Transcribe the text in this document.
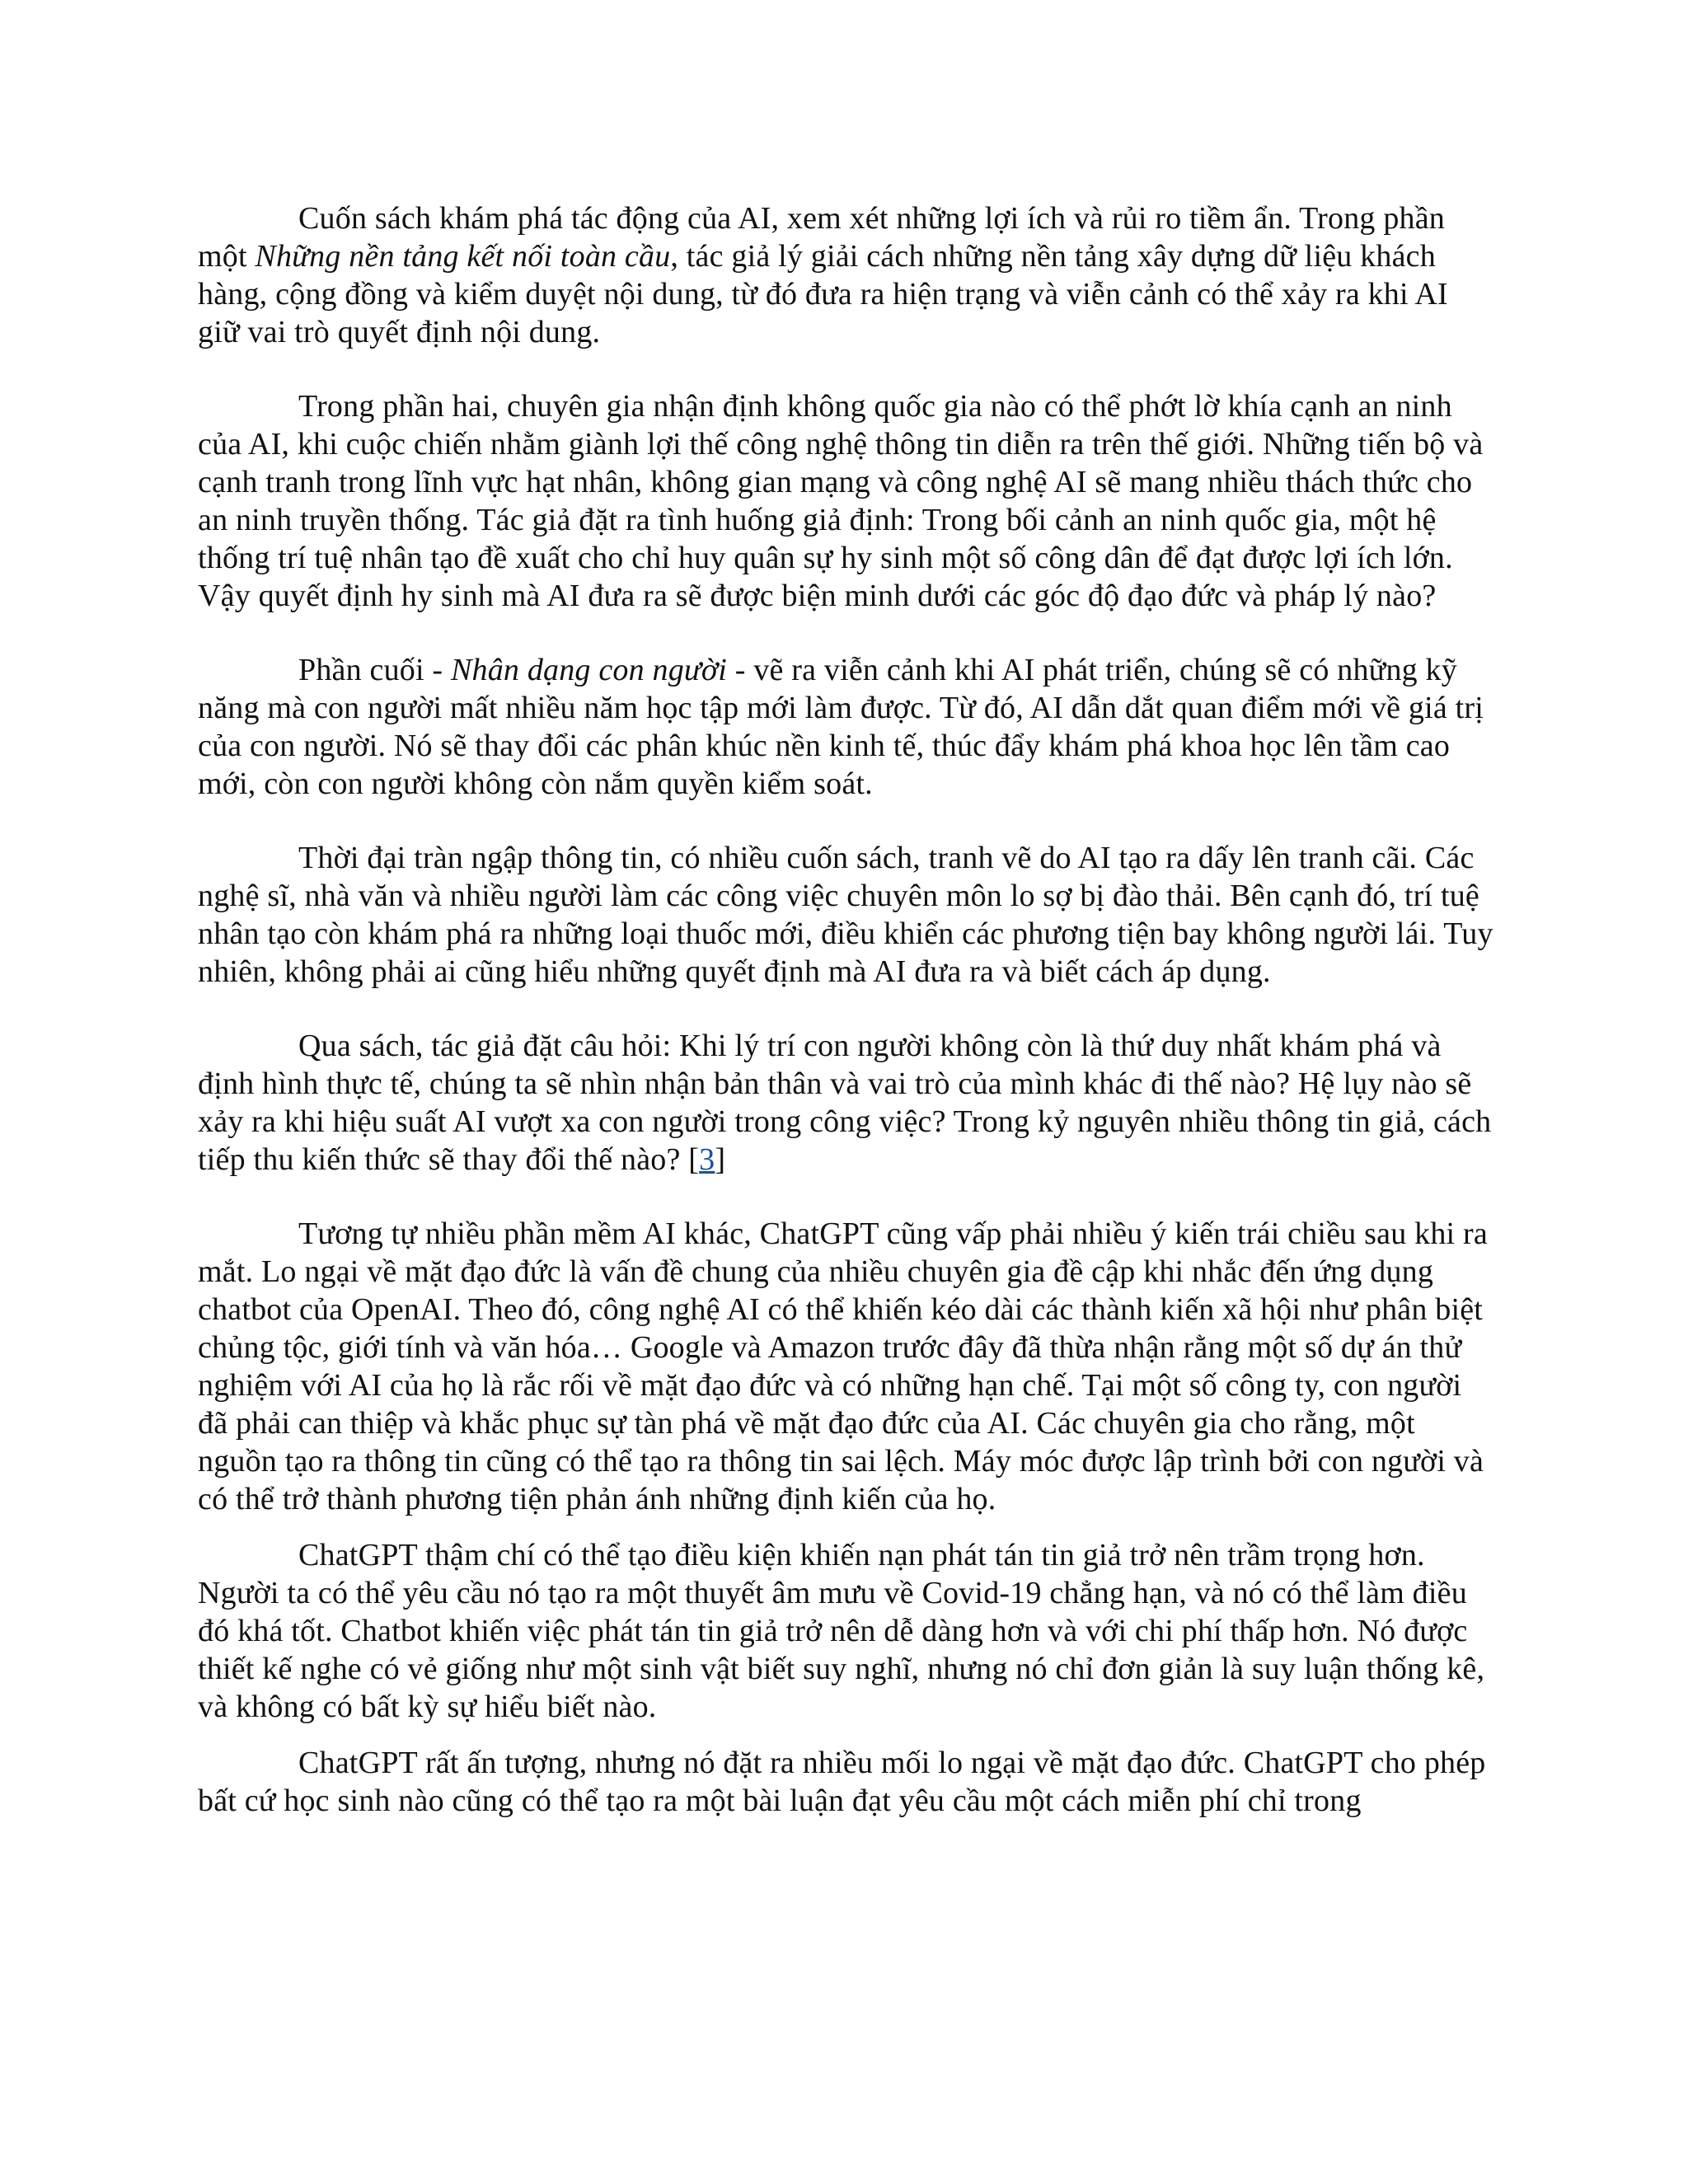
Cuốn sách khám phá tác động của AI, xem xét những lợi ích và rủi ro tiềm ẩn. Trong phần một Những nền tảng kết nối toàn cầu, tác giả lý giải cách những nền tảng xây dựng dữ liệu khách hàng, cộng đồng và kiểm duyệt nội dung, từ đó đưa ra hiện trạng và viễn cảnh có thể xảy ra khi AI giữ vai trò quyết định nội dung.

Trong phần hai, chuyên gia nhận định không quốc gia nào có thể phớt lờ khía cạnh an ninh của AI, khi cuộc chiến nhằm giành lợi thế công nghệ thông tin diễn ra trên thế giới. Những tiến bộ và cạnh tranh trong lĩnh vực hạt nhân, không gian mạng và công nghệ AI sẽ mang nhiều thách thức cho an ninh truyền thống. Tác giả đặt ra tình huống giả định: Trong bối cảnh an ninh quốc gia, một hệ thống trí tuệ nhân tạo đề xuất cho chỉ huy quân sự hy sinh một số công dân để đạt được lợi ích lớn. Vậy quyết định hy sinh mà AI đưa ra sẽ được biện minh dưới các góc độ đạo đức và pháp lý nào?

Phần cuối - Nhân dạng con người - vẽ ra viễn cảnh khi AI phát triển, chúng sẽ có những kỹ năng mà con người mất nhiều năm học tập mới làm được. Từ đó, AI dẫn dắt quan điểm mới về giá trị của con người. Nó sẽ thay đổi các phân khúc nền kinh tế, thúc đẩy khám phá khoa học lên tầm cao mới, còn con người không còn nắm quyền kiểm soát.

Thời đại tràn ngập thông tin, có nhiều cuốn sách, tranh vẽ do AI tạo ra dấy lên tranh cãi. Các nghệ sĩ, nhà văn và nhiều người làm các công việc chuyên môn lo sợ bị đào thải. Bên cạnh đó, trí tuệ nhân tạo còn khám phá ra những loại thuốc mới, điều khiển các phương tiện bay không người lái. Tuy nhiên, không phải ai cũng hiểu những quyết định mà AI đưa ra và biết cách áp dụng.

Qua sách, tác giả đặt câu hỏi: Khi lý trí con người không còn là thứ duy nhất khám phá và định hình thực tế, chúng ta sẽ nhìn nhận bản thân và vai trò của mình khác đi thế nào? Hệ lụy nào sẽ xảy ra khi hiệu suất AI vượt xa con người trong công việc? Trong kỷ nguyên nhiều thông tin giả, cách tiếp thu kiến thức sẽ thay đổi thế nào? [3]

Tương tự nhiều phần mềm AI khác, ChatGPT cũng vấp phải nhiều ý kiến trái chiều sau khi ra mắt. Lo ngại về mặt đạo đức là vấn đề chung của nhiều chuyên gia đề cập khi nhắc đến ứng dụng chatbot của OpenAI. Theo đó, công nghệ AI có thể khiến kéo dài các thành kiến xã hội như phân biệt chủng tộc, giới tính và văn hóa… Google và Amazon trước đây đã thừa nhận rằng một số dự án thử nghiệm với AI của họ là rắc rối về mặt đạo đức và có những hạn chế. Tại một số công ty, con người đã phải can thiệp và khắc phục sự tàn phá về mặt đạo đức của AI. Các chuyên gia cho rằng, một nguồn tạo ra thông tin cũng có thể tạo ra thông tin sai lệch. Máy móc được lập trình bởi con người và có thể trở thành phương tiện phản ánh những định kiến của họ.

ChatGPT thậm chí có thể tạo điều kiện khiến nạn phát tán tin giả trở nên trầm trọng hơn. Người ta có thể yêu cầu nó tạo ra một thuyết âm mưu về Covid-19 chẳng hạn, và nó có thể làm điều đó khá tốt. Chatbot khiến việc phát tán tin giả trở nên dễ dàng hơn và với chi phí thấp hơn. Nó được thiết kế nghe có vẻ giống như một sinh vật biết suy nghĩ, nhưng nó chỉ đơn giản là suy luận thống kê, và không có bất kỳ sự hiểu biết nào.

ChatGPT rất ấn tượng, nhưng nó đặt ra nhiều mối lo ngại về mặt đạo đức. ChatGPT cho phép bất cứ học sinh nào cũng có thể tạo ra một bài luận đạt yêu cầu một cách miễn phí chỉ trong
